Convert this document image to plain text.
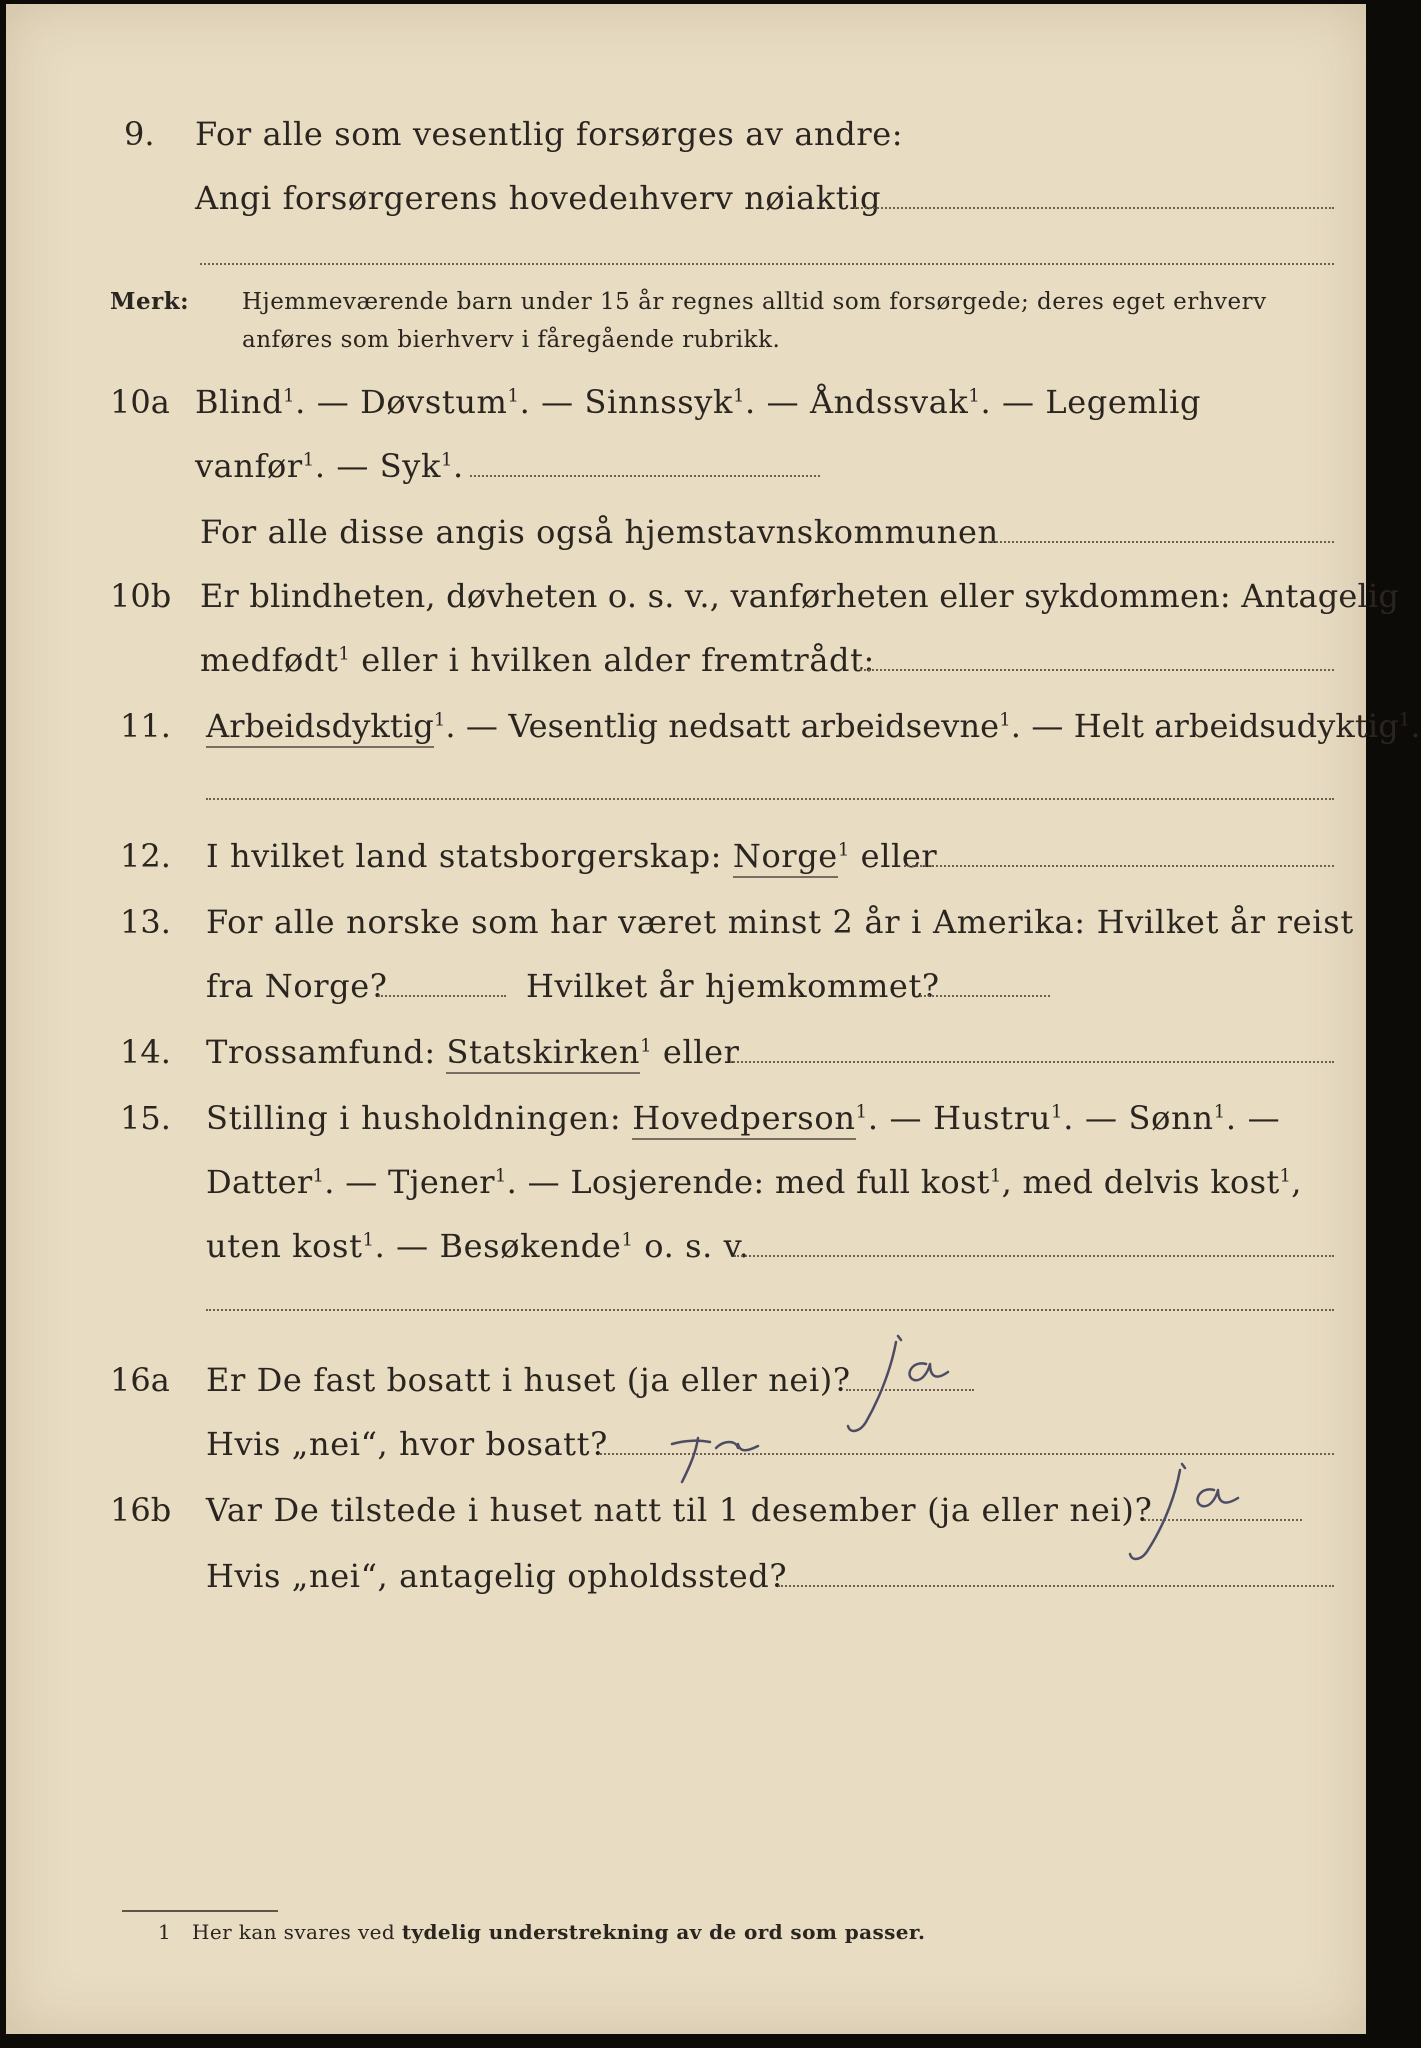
9. For alle som vesentlig forsørges av andre:
Angi forsørgerens hovedeıhverv nøiaktig
Merk: Hjemmeværende barn under 15 år regnes alltid som forsørgede; deres eget erhverv
anføres som bierhverv i fåregående rubrikk.
10a Blind$^1$. — Døvstum$^1$. — Sinnssyk$^1$. — Åndssvak$^1$. — Legemlig
vanfør$^1$. — Syk$^1$.
For alle disse angis også hjemstavnskommunen
10b Er blindheten, døvheten o. s. v., vanførheten eller sykdommen: Antagelig
medfødt$^1$ eller i hvilken alder fremtrådt:
11. Arbeidsdyktig$^1$. — Vesentlig nedsatt arbeidsevne$^1$. — Helt arbeidsudyktig$^1$.
12. I hvilket land statsborgerskap: Norge$^1$ eller
13. For alle norske som har været minst 2 år i Amerika: Hvilket år reist
fra Norge?	Hvilket år hjemkommet?
14. Trossamfund: Statskirken$^1$ eller
15. Stilling i husholdningen: Hovedperson$^1$. — Hustru$^1$. — Sønn$^1$. —
Datter$^1$. — Tjener$^1$. — Losjerende: med full kost$^1$, med delvis kost$^1$,
uten kost$^1$. — Besøkende$^1$ o. s. v.
16a Er De fast bosatt i huset (ja eller nei)?
Hvis „nei“, hvor bosatt?
16b Var De tilstede i huset natt til 1 desember (ja eller nei)?
Hvis „nei“, antagelig opholdssted?
1 Her kan svares ved tydelig understrekning av de ord som passer.
